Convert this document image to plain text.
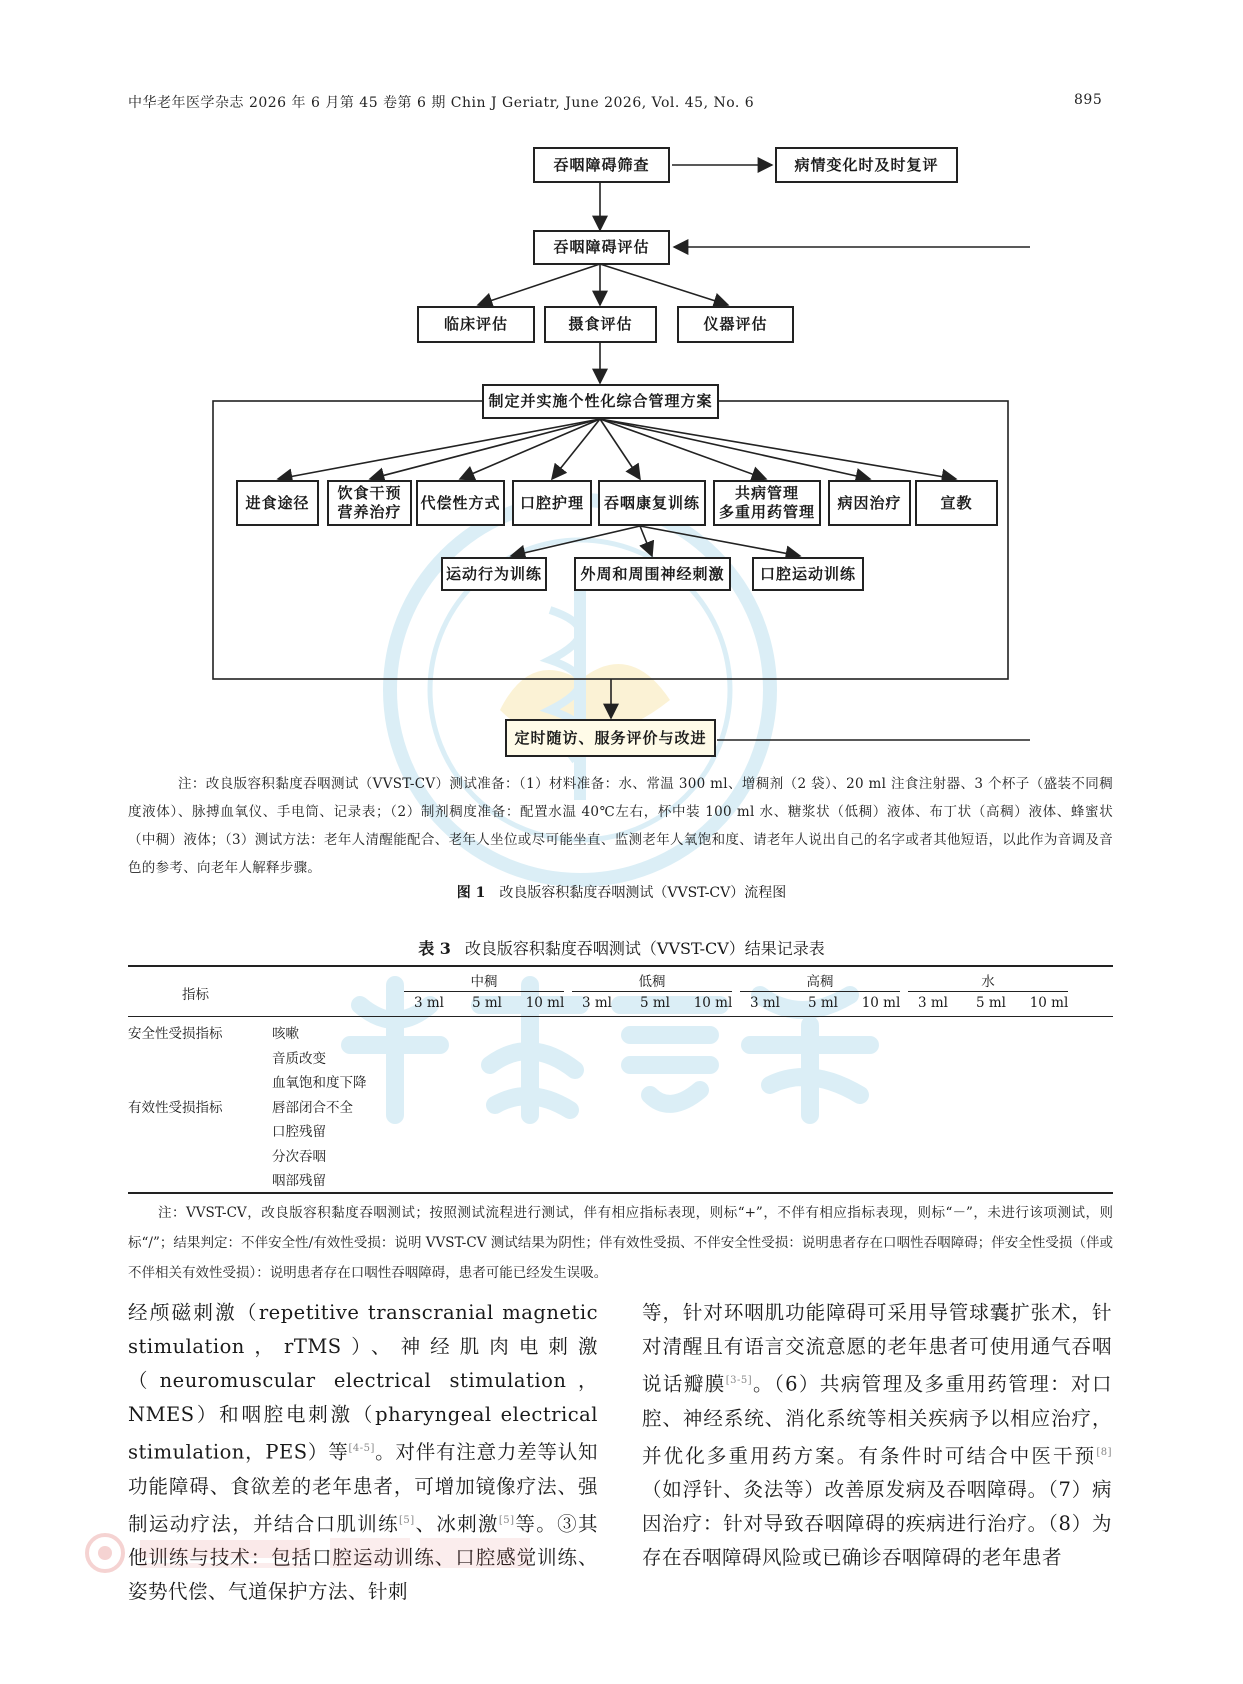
中华老年医学杂志 2026 年 6 月第 45 卷第 6 期 Chin J Geriatr, June 2026, Vol. 45, No. 6	895
吞咽障碍筛查	病情变化时及时复评
吞咽障碍评估
临床评估	摄食评估	仪器评估
制定并实施个性化综合管理方案
进食途径
饮食干预
营养治疗
代偿性方式	口腔护理	吞咽康复训练
共病管理
多重用药管理
病因治疗	宣教
运动行为训练	外周和周围神经刺激	口腔运动训练
定时随访、服务评价与改进
注：改良版容积黏度吞咽测试（VVST-CV）测试准备：（1）材料准备：水、常温 300 ml、增稠剂（2 袋）、20 ml 注食注射器、3 个杯子（盛装不同稠度液体）、脉搏血氧仪、手电筒、记录表；（2）制剂稠度准备：配置水温 40℃左右，杯中装 100 ml 水、糖浆状（低稠）液体、布丁状（高稠）液体、蜂蜜状（中稠）液体；（3）测试方法：老年人清醒能配合、老年人坐位或尽可能坐直、监测老年人氧饱和度、请老年人说出自己的名字或者其他短语，以此作为音调及音色的参考、向老年人解释步骤。
图 1 改良版容积黏度吞咽测试（VVST-CV）流程图
表 3 改良版容积黏度吞咽测试（VVST-CV）结果记录表
指标
中稠
3 ml	5 ml	10 ml
低稠
3 ml	5 ml	10 ml
高稠
3 ml	5 ml	10 ml
水
3 ml	5 ml	10 ml
安全性受损指标	咳嗽
音质改变
血氧饱和度下降
有效性受损指标	唇部闭合不全
口腔残留
分次吞咽
咽部残留
注：VVST-CV，改良版容积黏度吞咽测试；按照测试流程进行测试，伴有相应指标表现，则标“+”，不伴有相应指标表现，则标“－”，未进行该项测试，则标“/”；结果判定：不伴安全性/有效性受损：说明 VVST-CV 测试结果为阴性；伴有效性受损、不伴安全性受损：说明患者存在口咽性吞咽障碍；伴安全性受损（伴或不伴相关有效性受损）：说明患者存在口咽性吞咽障碍，患者可能已经发生误吸。

经颅磁刺激（repetitive transcranial magnetic stimulation，rTMS）、神经肌肉电刺激（neuromuscular electrical stimulation，NMES）和咽腔电刺激（pharyngeal electrical stimulation，PES）等[4-5]。对伴有注意力差等认知功能障碍、食欲差的老年患者，可增加镜像疗法、强制运动疗法，并结合口肌训练[5]、冰刺激[5]等。③其他训练与技术：包括口腔运动训练、口腔感觉训练、姿势代偿、气道保护方法、针刺

等，针对环咽肌功能障碍可采用导管球囊扩张术，针对清醒且有语言交流意愿的老年患者可使用通气吞咽说话瓣膜[3-5]。（6）共病管理及多重用药管理：对口腔、神经系统、消化系统等相关疾病予以相应治疗，并优化多重用药方案。有条件时可结合中医干预[8]（如浮针、灸法等）改善原发病及吞咽障碍。（7）病因治疗：针对导致吞咽障碍的疾病进行治疗。（8）为存在吞咽障碍风险或已确诊吞咽障碍的老年患者
